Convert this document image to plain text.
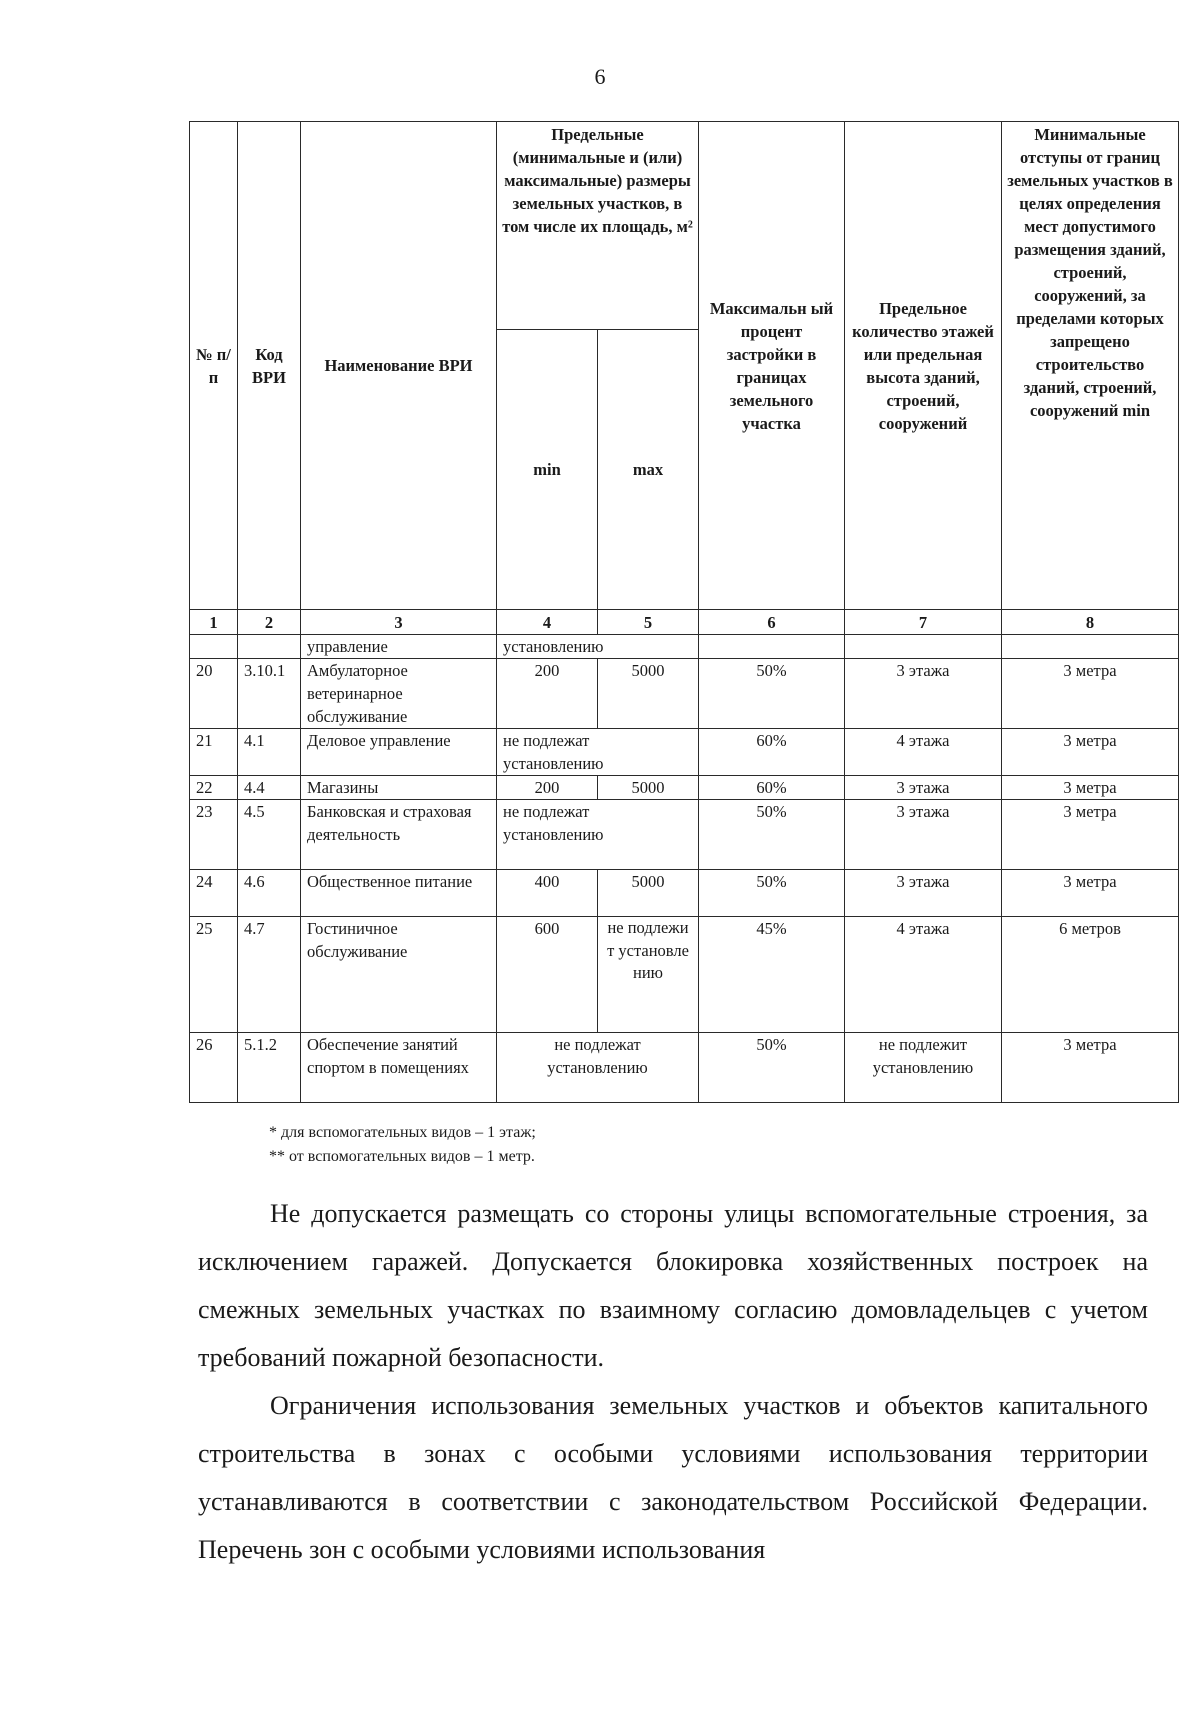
6
№ п/ п	Код ВРИ	Наименование ВРИ	Предельные (минимальные и (или) максимальные) размеры земельных участков, в том числе их площадь, м²		Максимальн ый процент застройки в границах земельного участка	Предельное количество этажей или предельная высота зданий, строений, сооружений	Минимальные отступы от границ земельных участков в целях определения мест допустимого размещения зданий, строений, сооружений, за пределами которых запрещено строительство зданий, строений, сооружений min
			min	max			
1	2	3	4	5	6	7	8
		управление	установлению				
20	3.10.1	Амбулаторное ветеринарное обслуживание	200	5000	50%	3 этажа	3 метра
21	4.1	Деловое управление	не подлежат установлению		60%	4 этажа	3 метра
22	4.4	Магазины	200	5000	60%	3 этажа	3 метра
23	4.5	Банковская и страховая деятельность	не подлежат установлению		50%	3 этажа	3 метра
24	4.6	Общественное питание	400	5000	50%	3 этажа	3 метра
25	4.7	Гостиничное обслуживание	600	не подлежит установлению	45%	4 этажа	6 метров
26	5.1.2	Обеспечение занятий спортом в помещениях	не подлежат установлению		50%	не подлежит установлению	3 метра
* для вспомогательных видов – 1 этаж;
** от вспомогательных видов – 1 метр.

Не допускается размещать со стороны улицы вспомогательные строения, за исключением гаражей. Допускается блокировка хозяйственных построек на смежных земельных участках по взаимному согласию домовладельцев с учетом требований пожарной безопасности.

Ограничения использования земельных участков и объектов капитального строительства в зонах с особыми условиями использования территории устанавливаются в соответствии с законодательством Российской Федерации. Перечень зон с особыми условиями использования
